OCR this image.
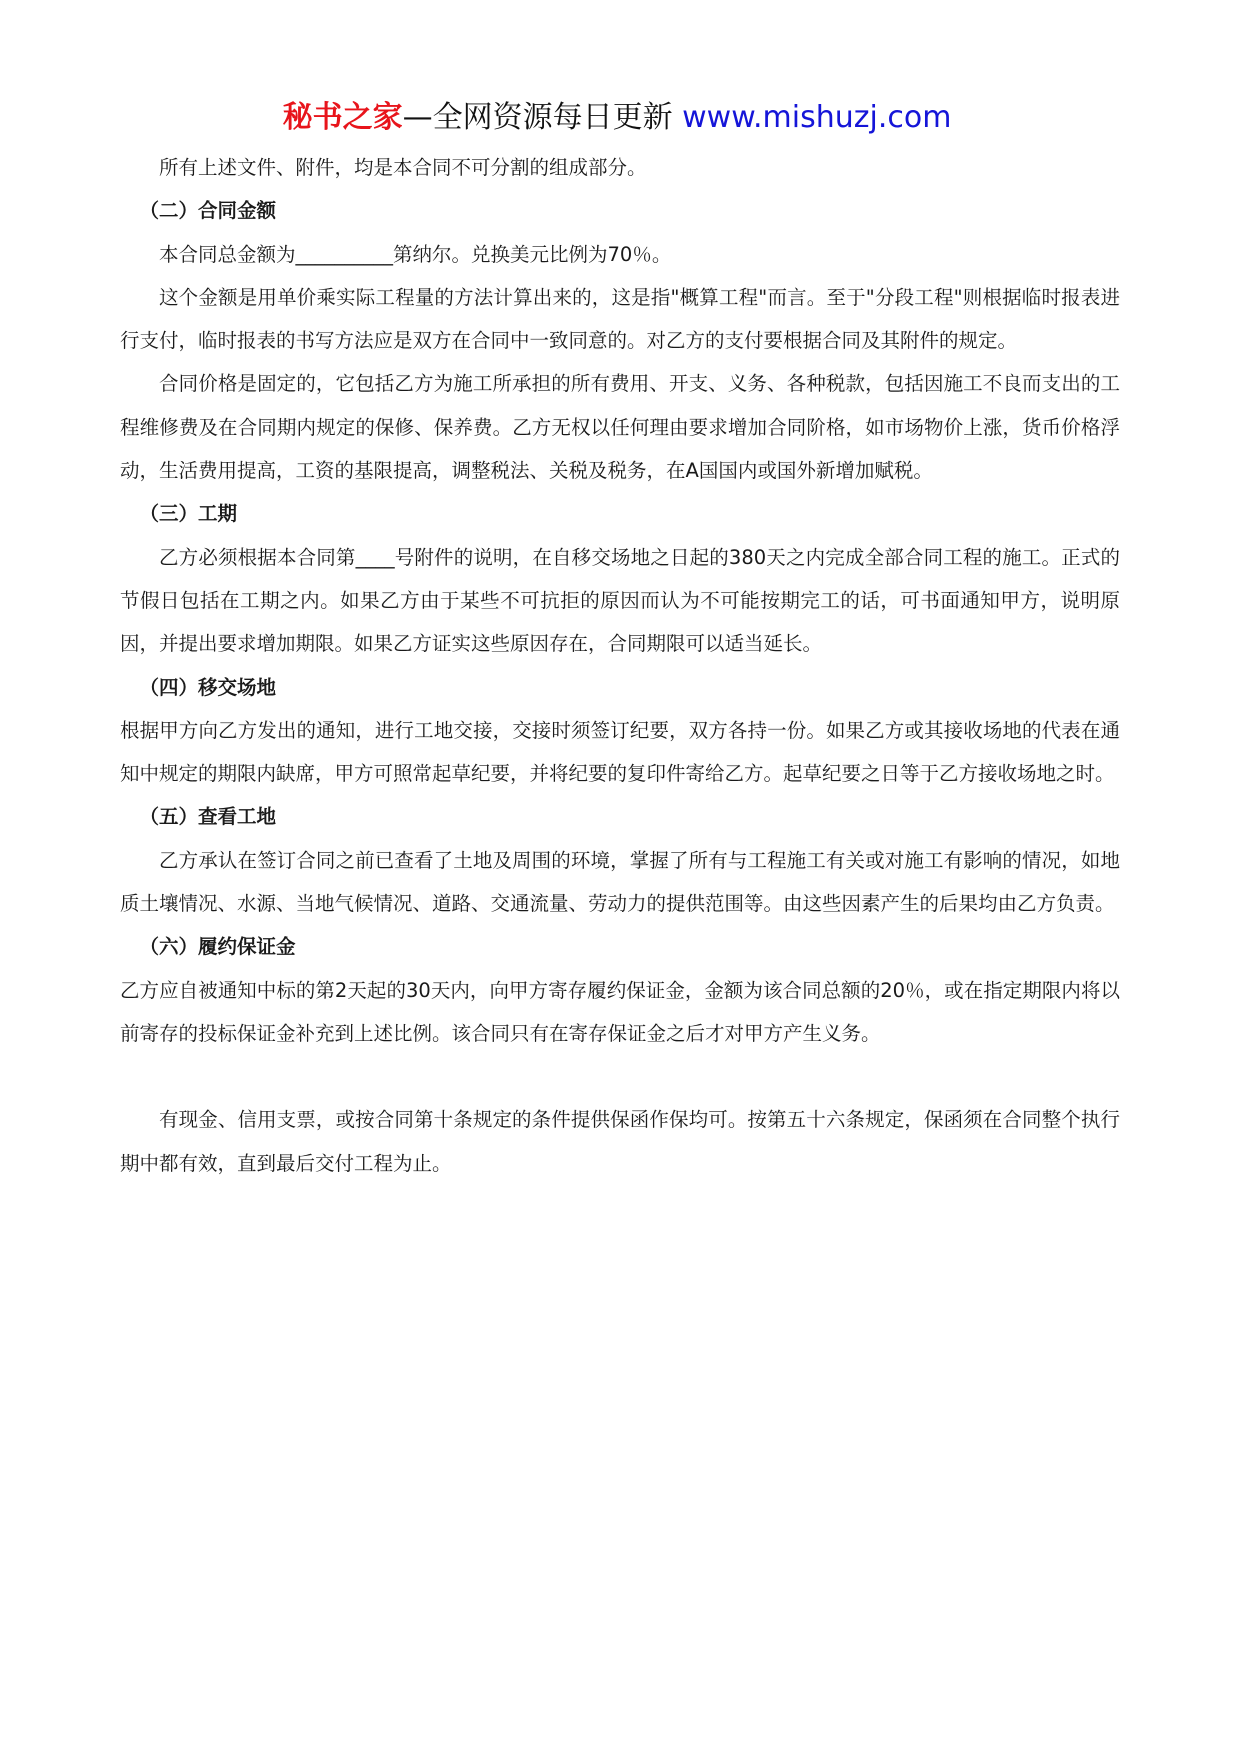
秘书之家—全网资源每日更新 www.mishuzj.com

所有上述文件、附件，均是本合同不可分割的组成部分。

（二）合同金额

本合同总金额为__________第纳尔。兑换美元比例为70％。

这个金额是用单价乘实际工程量的方法计算出来的，这是指"概算工程"而言。至于"分段工程"则根据临时报表进行支付，临时报表的书写方法应是双方在合同中一致同意的。对乙方的支付要根据合同及其附件的规定。

合同价格是固定的，它包括乙方为施工所承担的所有费用、开支、义务、各种税款，包括因施工不良而支出的工程维修费及在合同期内规定的保修、保养费。乙方无权以任何理由要求增加合同阶格，如市场物价上涨，货币价格浮动，生活费用提高，工资的基限提高，调整税法、关税及税务，在A国国内或国外新增加赋税。

（三）工期

乙方必须根据本合同第____号附件的说明，在自移交场地之日起的380天之内完成全部合同工程的施工。正式的节假日包括在工期之内。如果乙方由于某些不可抗拒的原因而认为不可能按期完工的话，可书面通知甲方，说明原因，并提出要求增加期限。如果乙方证实这些原因存在，合同期限可以适当延长。

（四）移交场地

根据甲方向乙方发出的通知，进行工地交接，交接时须签订纪要，双方各持一份。如果乙方或其接收场地的代表在通知中规定的期限内缺席，甲方可照常起草纪要，并将纪要的复印件寄给乙方。起草纪要之日等于乙方接收场地之时。

（五）查看工地

乙方承认在签订合同之前已查看了土地及周围的环境，掌握了所有与工程施工有关或对施工有影响的情况，如地质土壤情况、水源、当地气候情况、道路、交通流量、劳动力的提供范围等。由这些因素产生的后果均由乙方负责。

（六）履约保证金

乙方应自被通知中标的第2天起的30天内，向甲方寄存履约保证金，金额为该合同总额的20％，或在指定期限内将以前寄存的投标保证金补充到上述比例。该合同只有在寄存保证金之后才对甲方产生义务。

有现金、信用支票，或按合同第十条规定的条件提供保函作保均可。按第五十六条规定，保函须在合同整个执行期中都有效，直到最后交付工程为止。
